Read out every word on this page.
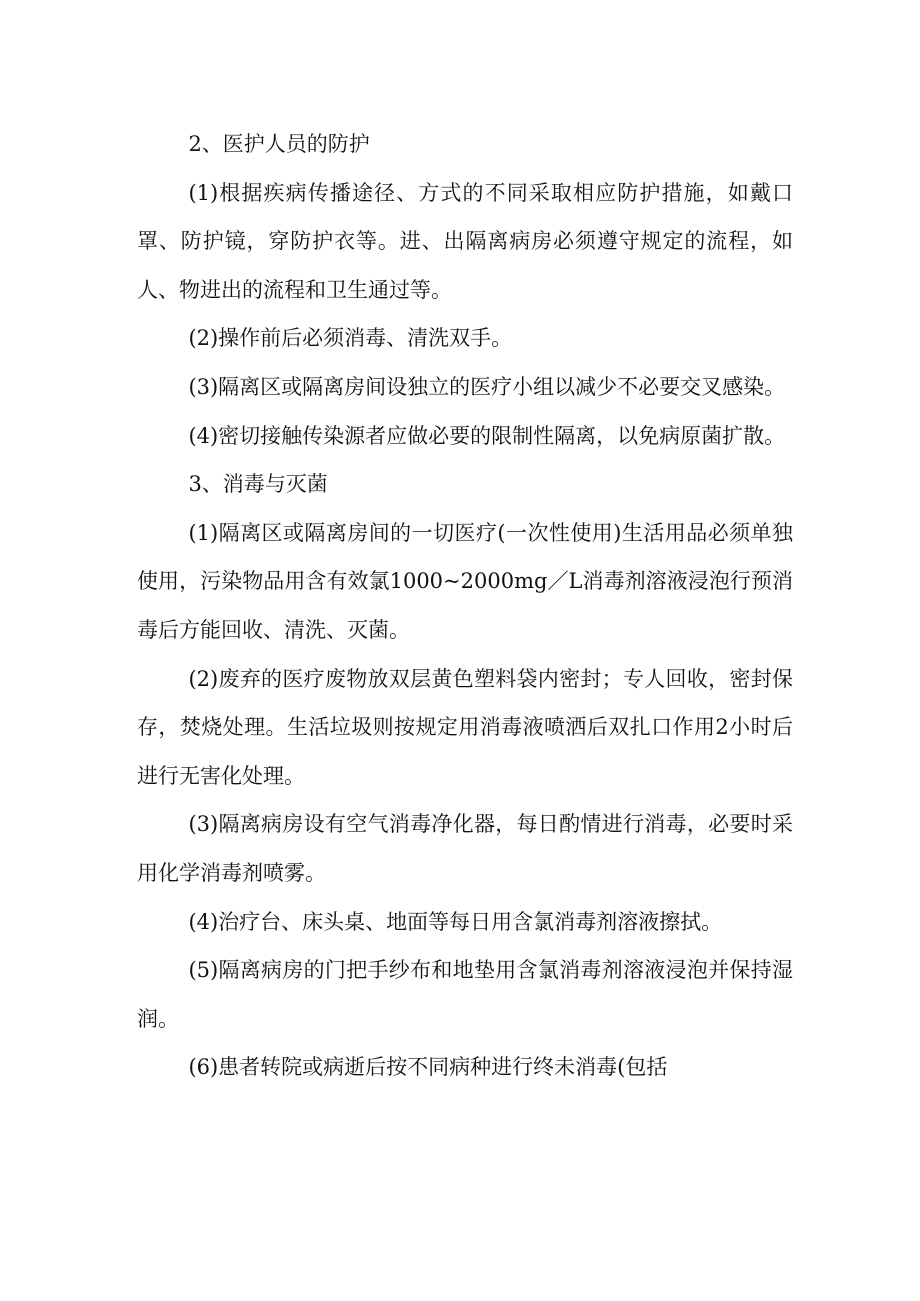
2、医护人员的防护

(1)根据疾病传播途径、方式的不同采取相应防护措施，如戴口罩、防护镜，穿防护衣等。进、出隔离病房必须遵守规定的流程，如人、物进出的流程和卫生通过等。

(2)操作前后必须消毒、清洗双手。

(3)隔离区或隔离房间设独立的医疗小组以减少不必要交叉感染。

(4)密切接触传染源者应做必要的限制性隔离，以免病原菌扩散。

3、消毒与灭菌

(1)隔离区或隔离房间的一切医疗(一次性使用)生活用品必须单独使用，污染物品用含有效氯1000~2000mg／L消毒剂溶液浸泡行预消毒后方能回收、清洗、灭菌。

(2)废弃的医疗废物放双层黄色塑料袋内密封；专人回收，密封保存，焚烧处理。生活垃圾则按规定用消毒液喷洒后双扎口作用2小时后进行无害化处理。

(3)隔离病房设有空气消毒净化器，每日酌情进行消毒，必要时采用化学消毒剂喷雾。

(4)治疗台、床头桌、地面等每日用含氯消毒剂溶液擦拭。

(5)隔离病房的门把手纱布和地垫用含氯消毒剂溶液浸泡并保持湿润。

(6)患者转院或病逝后按不同病种进行终未消毒(包括
